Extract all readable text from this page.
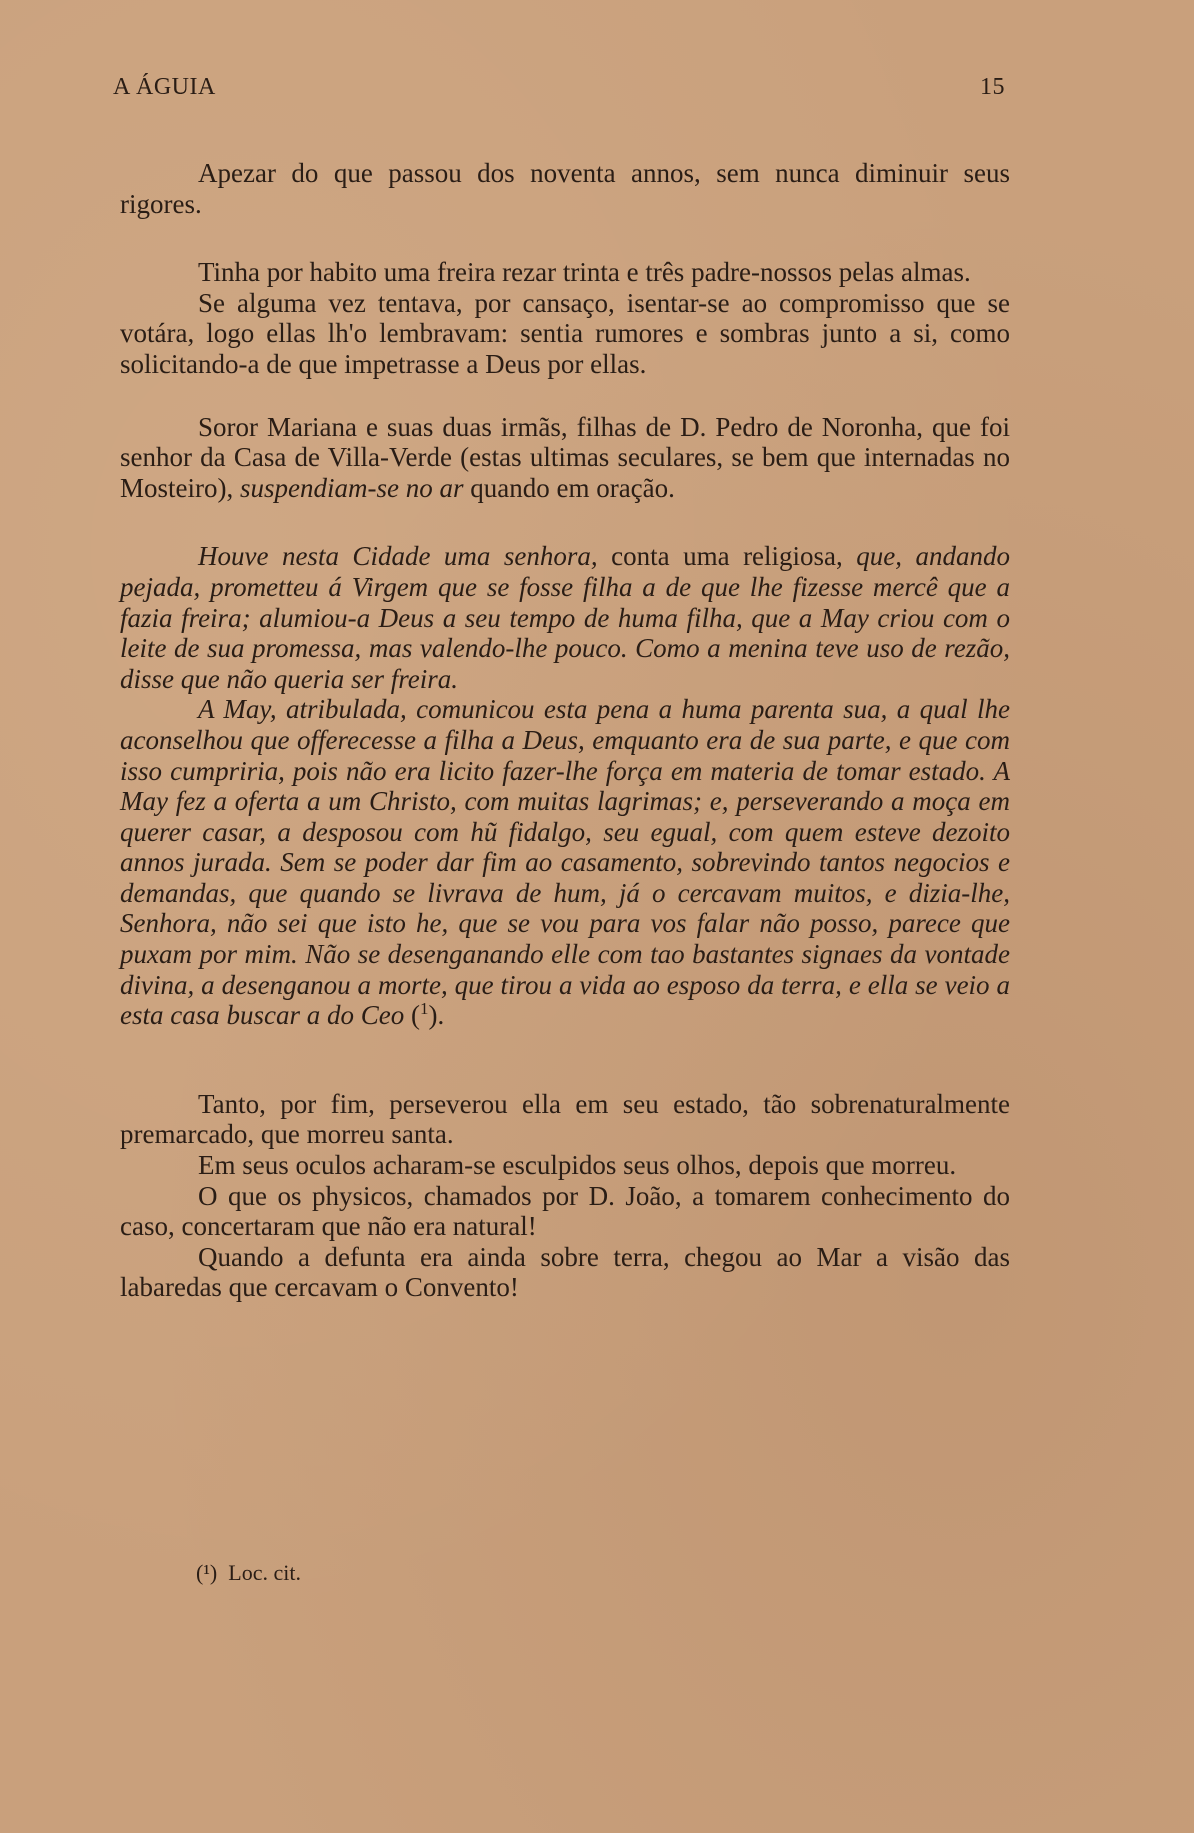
A ÁGUIA	15

Apezar do que passou dos noventa annos, sem nunca diminuir seus rigores.

Tinha por habito uma freira rezar trinta e três padre-nossos pelas almas.

Se alguma vez tentava, por cansaço, isentar-se ao compromisso que se votára, logo ellas lh'o lembravam: sentia rumores e sombras junto a si, como solicitando-a de que impetrasse a Deus por ellas.

Soror Mariana e suas duas irmãs, filhas de D. Pedro de Noronha, que foi senhor da Casa de Villa-Verde (estas ultimas seculares, se bem que internadas no Mosteiro), suspendiam-se no ar quando em oração.

Houve nesta Cidade uma senhora, conta uma religiosa, que, andando pejada, prometteu á Virgem que se fosse filha a de que lhe fizesse mercê que a fazia freira; alumiou-a Deus a seu tempo de huma filha, que a May criou com o leite de sua promessa, mas valendo-lhe pouco. Como a menina teve uso de rezão, disse que não queria ser freira.

A May, atribulada, comunicou esta pena a huma parenta sua, a qual lhe aconselhou que offerecesse a filha a Deus, emquanto era de sua parte, e que com isso cumpriria, pois não era licito fazer-lhe força em materia de tomar estado. A May fez a oferta a um Christo, com muitas lagrimas; e, perseverando a moça em querer casar, a desposou com hũ fidalgo, seu egual, com quem esteve dezoito annos jurada. Sem se poder dar fim ao casamento, sobrevindo tantos negocios e demandas, que quando se livrava de hum, já o cercavam muitos, e dizia-lhe, Senhora, não sei que isto he, que se vou para vos falar não posso, parece que puxam por mim. Não se desenganando elle com tao bastantes signaes da vontade divina, a desenganou a morte, que tirou a vida ao esposo da terra, e ella se veio a esta casa buscar a do Ceo ($^1$).

Tanto, por fim, perseverou ella em seu estado, tão sobrenaturalmente premarcado, que morreu santa.

Em seus oculos acharam-se esculpidos seus olhos, depois que morreu.

O que os physicos, chamados por D. João, a tomarem conhecimento do caso, concertaram que não era natural!

Quando a defunta era ainda sobre terra, chegou ao Mar a visão das labaredas que cercavam o Convento!

(¹) Loc. cit.
